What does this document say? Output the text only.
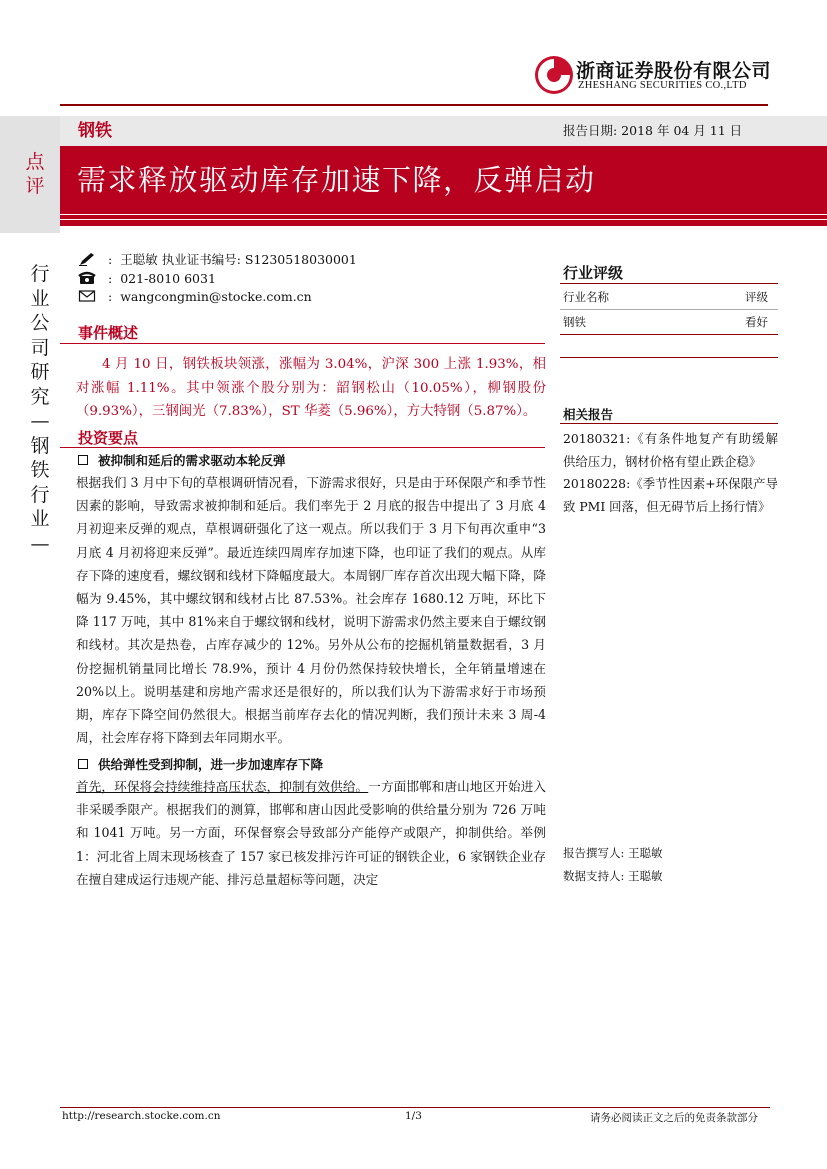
浙商证券股份有限公司
ZHESHANG SECURITIES CO.,LTD
点
评
行
业
公
司
研
究
—
钢
铁
行
业
—
钢铁	报告日期: 2018 年 04 月 11 日
需求释放驱动库存加速下降，反弹启动
: 王聪敏 执业证书编号: S1230518030001
: 021-8010 6031
: wangcongmin@stocke.com.cn
事件概述
4 月 10 日，钢铁板块领涨，涨幅为 3.04%，沪深 300 上涨 1.93%，相对涨幅 1.11%。其中领涨个股分别为：韶钢松山（10.05%），柳钢股份（9.93%），三钢闽光（7.83%），ST 华菱（5.96%），方大特钢（5.87%）。
投资要点
被抑制和延后的需求驱动本轮反弹
根据我们 3 月中下旬的草根调研情况看，下游需求很好，只是由于环保限产和季节性因素的影响，导致需求被抑制和延后。我们率先于 2 月底的报告中提出了 3 月底 4 月初迎来反弹的观点，草根调研强化了这一观点。所以我们于 3 月下旬再次重申“3 月底 4 月初将迎来反弹”。最近连续四周库存加速下降，也印证了我们的观点。从库存下降的速度看，螺纹钢和线材下降幅度最大。本周钢厂库存首次出现大幅下降，降幅为 9.45%，其中螺纹钢和线材占比 87.53%。社会库存 1680.12 万吨，环比下降 117 万吨，其中 81%来自于螺纹钢和线材，说明下游需求仍然主要来自于螺纹钢和线材。其次是热卷，占库存减少的 12%。另外从公布的挖掘机销量数据看，3 月份挖掘机销量同比增长 78.9%，预计 4 月份仍然保持较快增长，全年销量增速在 20%以上。说明基建和房地产需求还是很好的，所以我们认为下游需求好于市场预期，库存下降空间仍然很大。根据当前库存去化的情况判断，我们预计未来 3 周-4 周，社会库存将下降到去年同期水平。
供给弹性受到抑制，进一步加速库存下降
首先，环保将会持续维持高压状态，抑制有效供给。一方面邯郸和唐山地区开始进入非采暖季限产。根据我们的测算，邯郸和唐山因此受影响的供给量分别为 726 万吨和 1041 万吨。另一方面，环保督察会导致部分产能停产或限产，抑制供给。举例 1：河北省上周末现场核查了 157 家已核发排污许可证的钢铁企业，6 家钢铁企业存在擅自建成运行违规产能、排污总量超标等问题，决定
行业评级
行业名称	评级
钢铁	看好
相关报告
20180321:《有条件地复产有助缓解供给压力，钢材价格有望止跌企稳》
20180228:《季节性因素+环保限产导致 PMI 回落，但无碍节后上扬行情》
报告撰写人: 王聪敏
数据支持人: 王聪敏
http://research.stocke.com.cn	1/3	请务必阅读正文之后的免责条款部分
